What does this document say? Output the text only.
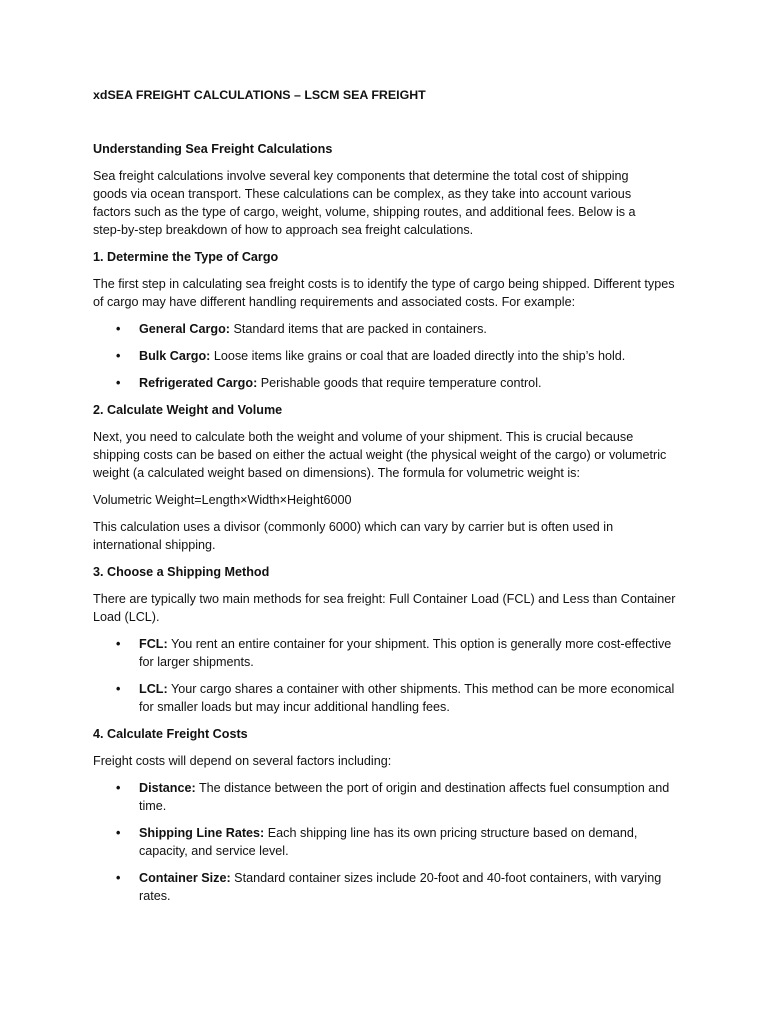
xdSEA FREIGHT CALCULATIONS – LSCM SEA FREIGHT

Understanding Sea Freight Calculations

Sea freight calculations involve several key components that determine the total cost of shipping goods via ocean transport. These calculations can be complex, as they take into account various factors such as the type of cargo, weight, volume, shipping routes, and additional fees. Below is a step-by-step breakdown of how to approach sea freight calculations.

1. Determine the Type of Cargo

The first step in calculating sea freight costs is to identify the type of cargo being shipped. Different types of cargo may have different handling requirements and associated costs. For example:

• General Cargo: Standard items that are packed in containers.
• Bulk Cargo: Loose items like grains or coal that are loaded directly into the ship’s hold.
• Refrigerated Cargo: Perishable goods that require temperature control.

2. Calculate Weight and Volume

Next, you need to calculate both the weight and volume of your shipment. This is crucial because shipping costs can be based on either the actual weight (the physical weight of the cargo) or volumetric weight (a calculated weight based on dimensions). The formula for volumetric weight is:

Volumetric Weight=Length×Width×Height6000

This calculation uses a divisor (commonly 6000) which can vary by carrier but is often used in international shipping.

3. Choose a Shipping Method

There are typically two main methods for sea freight: Full Container Load (FCL) and Less than Container Load (LCL).

• FCL: You rent an entire container for your shipment. This option is generally more cost-effective for larger shipments.
• LCL: Your cargo shares a container with other shipments. This method can be more economical for smaller loads but may incur additional handling fees.

4. Calculate Freight Costs

Freight costs will depend on several factors including:

• Distance: The distance between the port of origin and destination affects fuel consumption and time.
• Shipping Line Rates: Each shipping line has its own pricing structure based on demand, capacity, and service level.
• Container Size: Standard container sizes include 20-foot and 40-foot containers, with varying rates.
